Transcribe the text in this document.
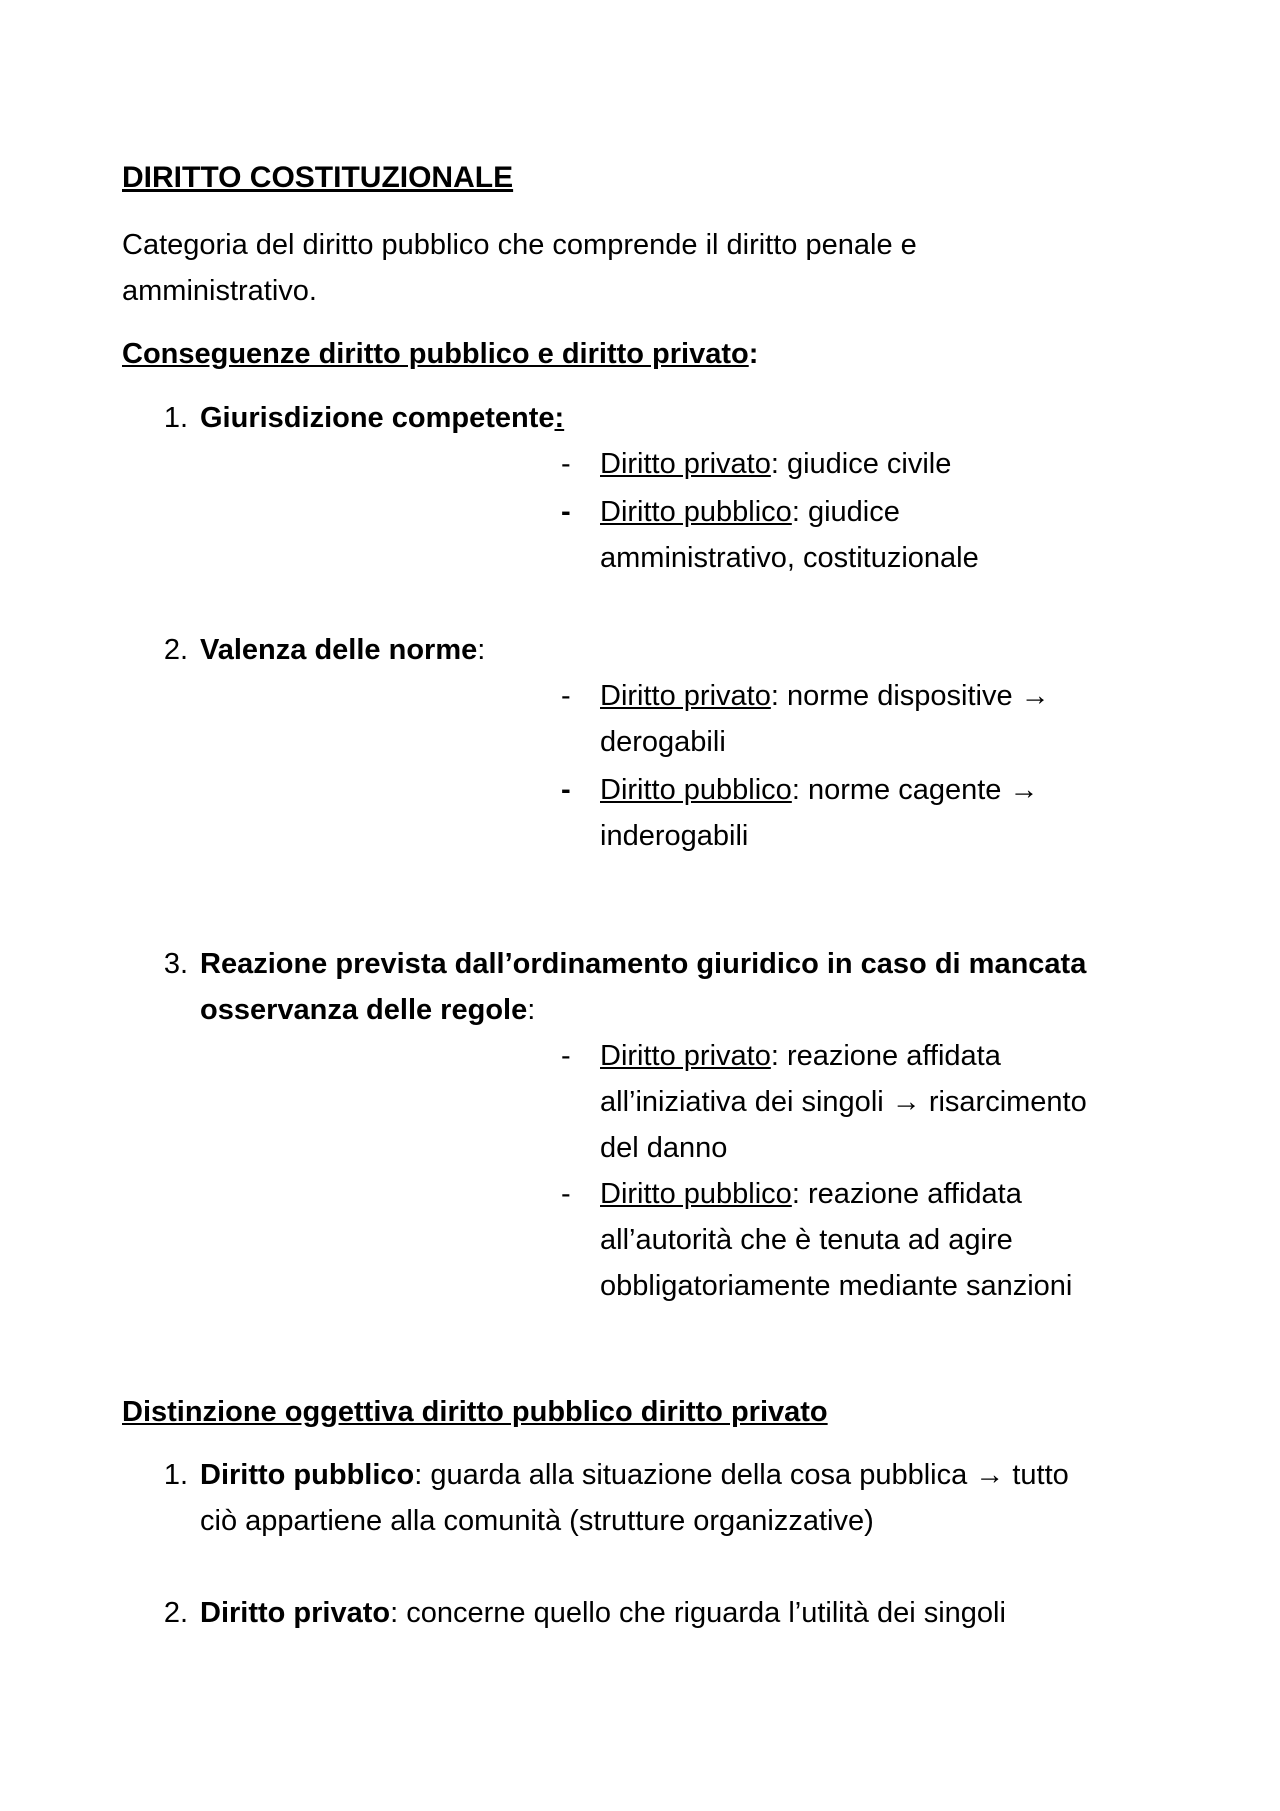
DIRITTO COSTITUZIONALE
Categoria del diritto pubblico che comprende il diritto penale e
amministrativo.
Conseguenze diritto pubblico e diritto privato:
1. Giurisdizione competente:
- Diritto privato: giudice civile
- Diritto pubblico: giudice
amministrativo, costituzionale
2. Valenza delle norme:
- Diritto privato: norme dispositive →
derogabili
- Diritto pubblico: norme cagente →
inderogabili
3. Reazione prevista dall’ordinamento giuridico in caso di mancata
osservanza delle regole:
- Diritto privato: reazione affidata
all’iniziativa dei singoli → risarcimento
del danno
- Diritto pubblico: reazione affidata
all’autorità che è tenuta ad agire
obbligatoriamente mediante sanzioni
Distinzione oggettiva diritto pubblico diritto privato
1. Diritto pubblico: guarda alla situazione della cosa pubblica → tutto
ciò appartiene alla comunità (strutture organizzative)
2. Diritto privato: concerne quello che riguarda l’utilità dei singoli
